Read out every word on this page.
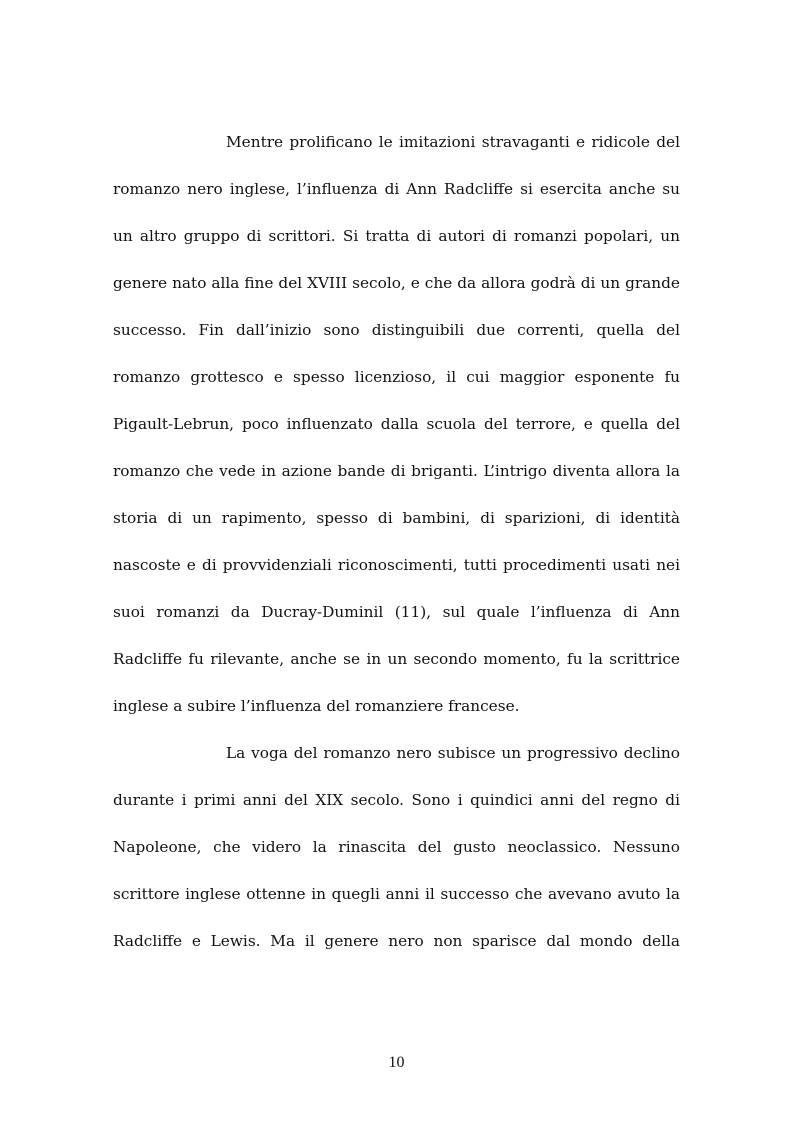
Mentre prolificano le imitazioni stravaganti e ridicole del
romanzo nero inglese, l’influenza di Ann Radcliffe si esercita anche su
un altro gruppo di scrittori. Si tratta di autori di romanzi popolari, un
genere nato alla fine del XVIII secolo, e che da allora godrà di un grande
successo. Fin dall’inizio sono distinguibili due correnti, quella del
romanzo grottesco e spesso licenzioso, il cui maggior esponente fu
Pigault-Lebrun, poco influenzato dalla scuola del terrore, e quella del
romanzo che vede in azione bande di briganti. L’intrigo diventa allora la
storia di un rapimento, spesso di bambini, di sparizioni, di identità
nascoste e di provvidenziali riconoscimenti, tutti procedimenti usati nei
suoi romanzi da Ducray-Duminil (11), sul quale l’influenza di Ann
Radcliffe fu rilevante, anche se in un secondo momento, fu la scrittrice
inglese a subire l’influenza del romanziere francese.
La voga del romanzo nero subisce un progressivo declino
durante i primi anni del XIX secolo. Sono i quindici anni del regno di
Napoleone, che videro la rinascita del gusto neoclassico. Nessuno
scrittore inglese ottenne in quegli anni il successo che avevano avuto la
Radcliffe e Lewis. Ma il genere nero non sparisce dal mondo della
10
